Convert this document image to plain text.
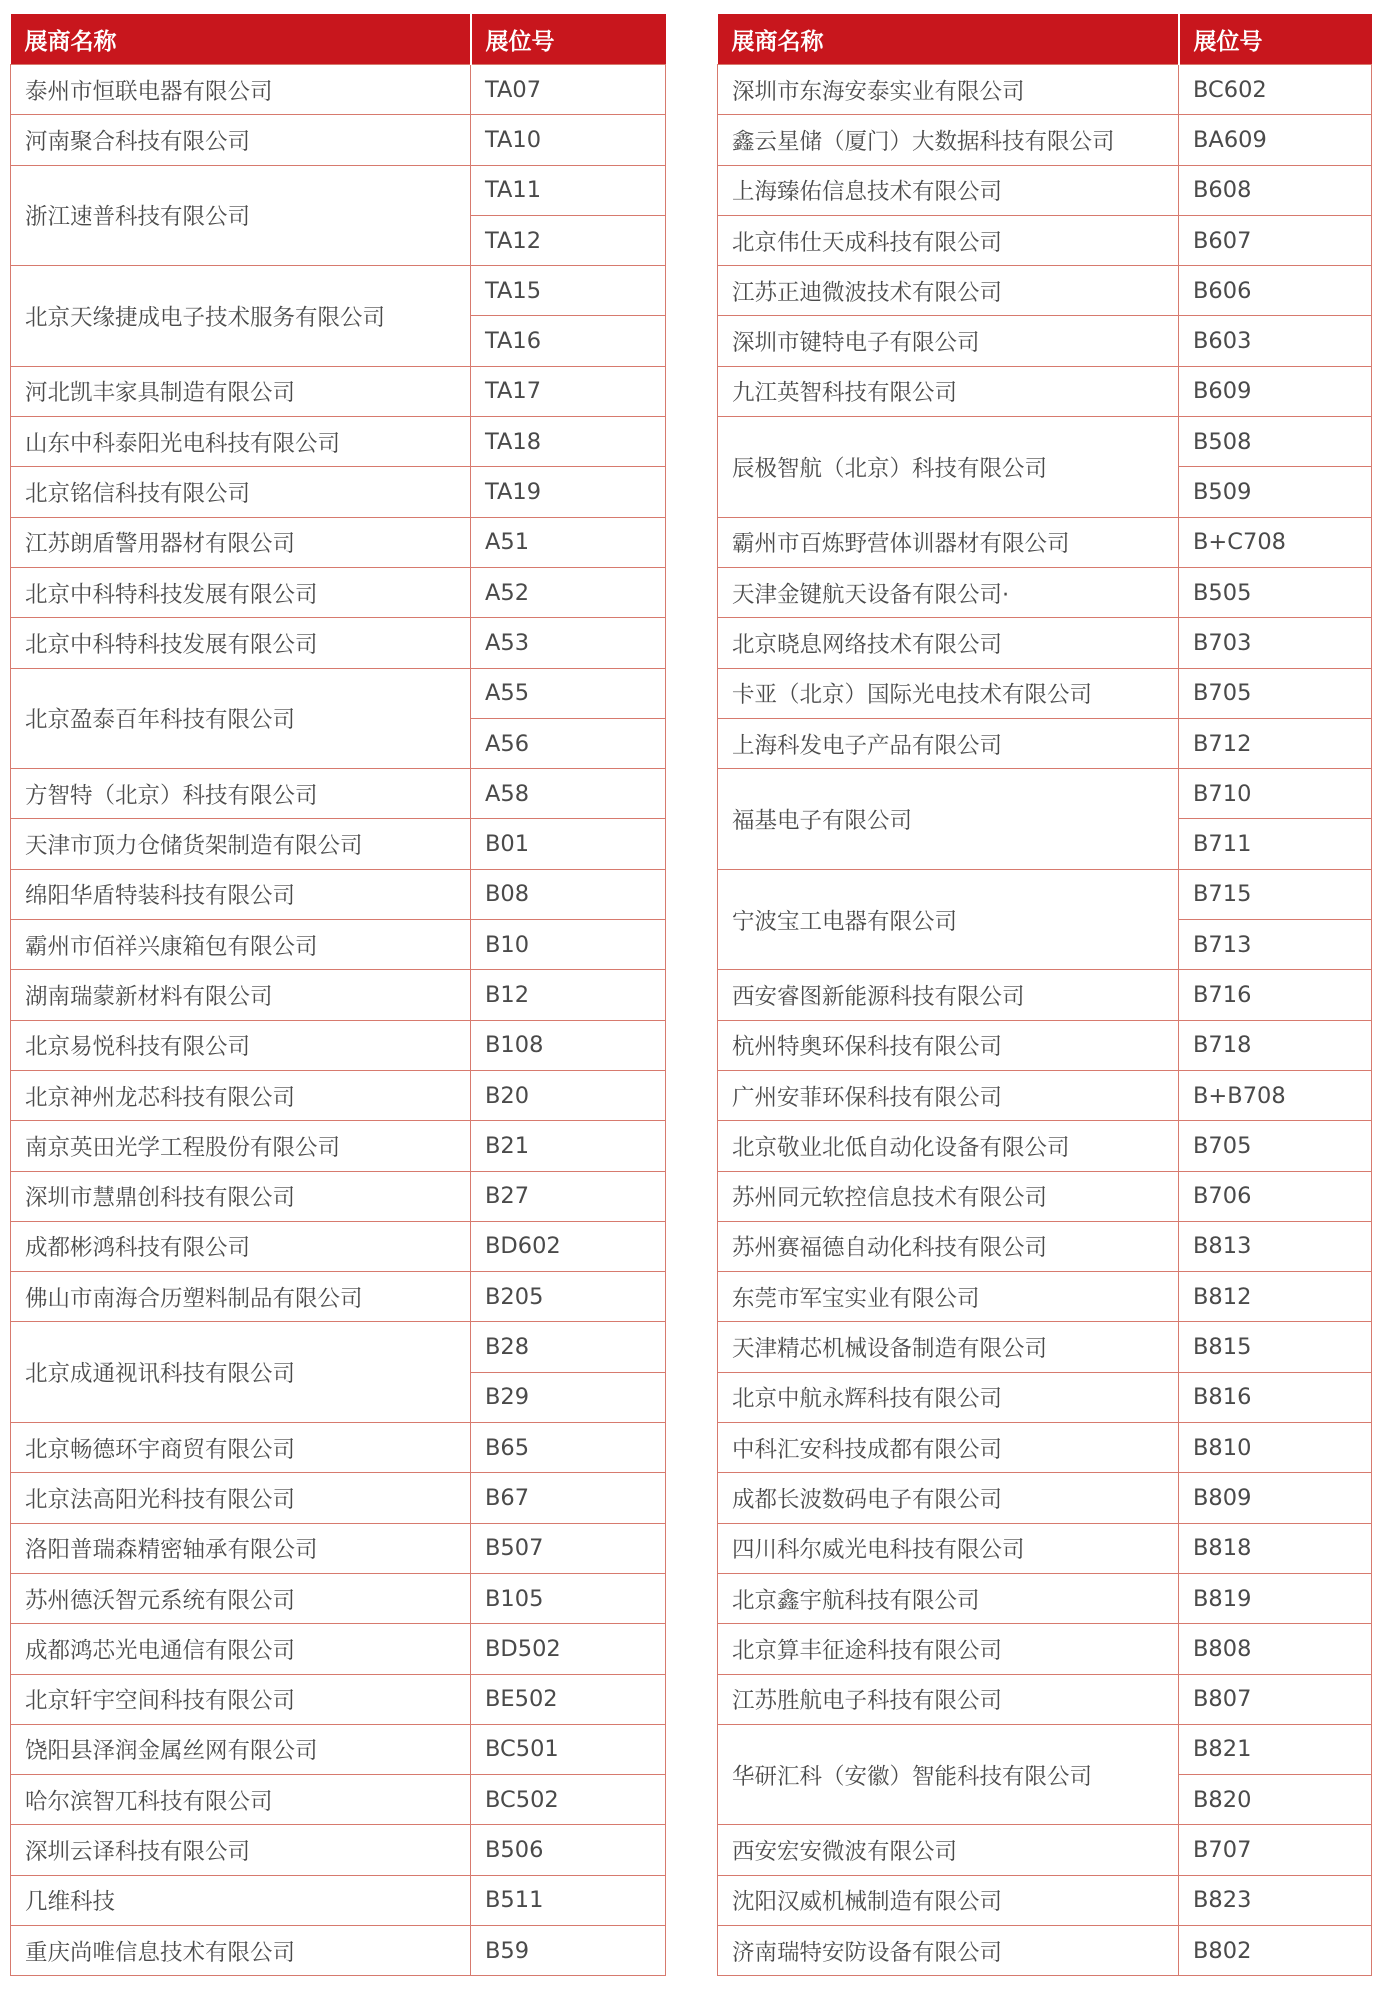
展商名称	展位号
泰州市恒联电器有限公司	TA07
河南聚合科技有限公司	TA10
浙江速普科技有限公司	TA11
	TA12
北京天缘捷成电子技术服务有限公司	TA15
	TA16
河北凯丰家具制造有限公司	TA17
山东中科泰阳光电科技有限公司	TA18
北京铭信科技有限公司	TA19
江苏朗盾警用器材有限公司	A51
北京中科特科技发展有限公司	A52
北京中科特科技发展有限公司	A53
北京盈泰百年科技有限公司	A55
	A56
方智特（北京）科技有限公司	A58
天津市顶力仓储货架制造有限公司	B01
绵阳华盾特装科技有限公司	B08
霸州市佰祥兴康箱包有限公司	B10
湖南瑞蒙新材料有限公司	B12
北京易悦科技有限公司	B108
北京神州龙芯科技有限公司	B20
南京英田光学工程股份有限公司	B21
深圳市慧鼎创科技有限公司	B27
成都彬鸿科技有限公司	BD602
佛山市南海合历塑料制品有限公司	B205
北京成通视讯科技有限公司	B28
	B29
北京畅德环宇商贸有限公司	B65
北京法高阳光科技有限公司	B67
洛阳普瑞森精密轴承有限公司	B507
苏州德沃智元系统有限公司	B105
成都鸿芯光电通信有限公司	BD502
北京轩宇空间科技有限公司	BE502
饶阳县泽润金属丝网有限公司	BC501
哈尔滨智兀科技有限公司	BC502
深圳云译科技有限公司	B506
几维科技	B511
重庆尚唯信息技术有限公司	B59
展商名称	展位号
深圳市东海安泰实业有限公司	BC602
鑫云星储（厦门）大数据科技有限公司	BA609
上海臻佑信息技术有限公司	B608
北京伟仕天成科技有限公司	B607
江苏正迪微波技术有限公司	B606
深圳市键特电子有限公司	B603
九江英智科技有限公司	B609
辰极智航（北京）科技有限公司	B508
	B509
霸州市百炼野营体训器材有限公司	B+C708
天津金键航天设备有限公司·	B505
北京晓息网络技术有限公司	B703
卡亚（北京）国际光电技术有限公司	B705
上海科发电子产品有限公司	B712
福基电子有限公司	B710
	B711
宁波宝工电器有限公司	B715
	B713
西安睿图新能源科技有限公司	B716
杭州特奥环保科技有限公司	B718
广州安菲环保科技有限公司	B+B708
北京敬业北低自动化设备有限公司	B705
苏州同元软控信息技术有限公司	B706
苏州赛福德自动化科技有限公司	B813
东莞市军宝实业有限公司	B812
天津精芯机械设备制造有限公司	B815
北京中航永辉科技有限公司	B816
中科汇安科技成都有限公司	B810
成都长波数码电子有限公司	B809
四川科尔威光电科技有限公司	B818
北京鑫宇航科技有限公司	B819
北京算丰征途科技有限公司	B808
江苏胜航电子科技有限公司	B807
华研汇科（安徽）智能科技有限公司	B821
	B820
西安宏安微波有限公司	B707
沈阳汉威机械制造有限公司	B823
济南瑞特安防设备有限公司	B802
